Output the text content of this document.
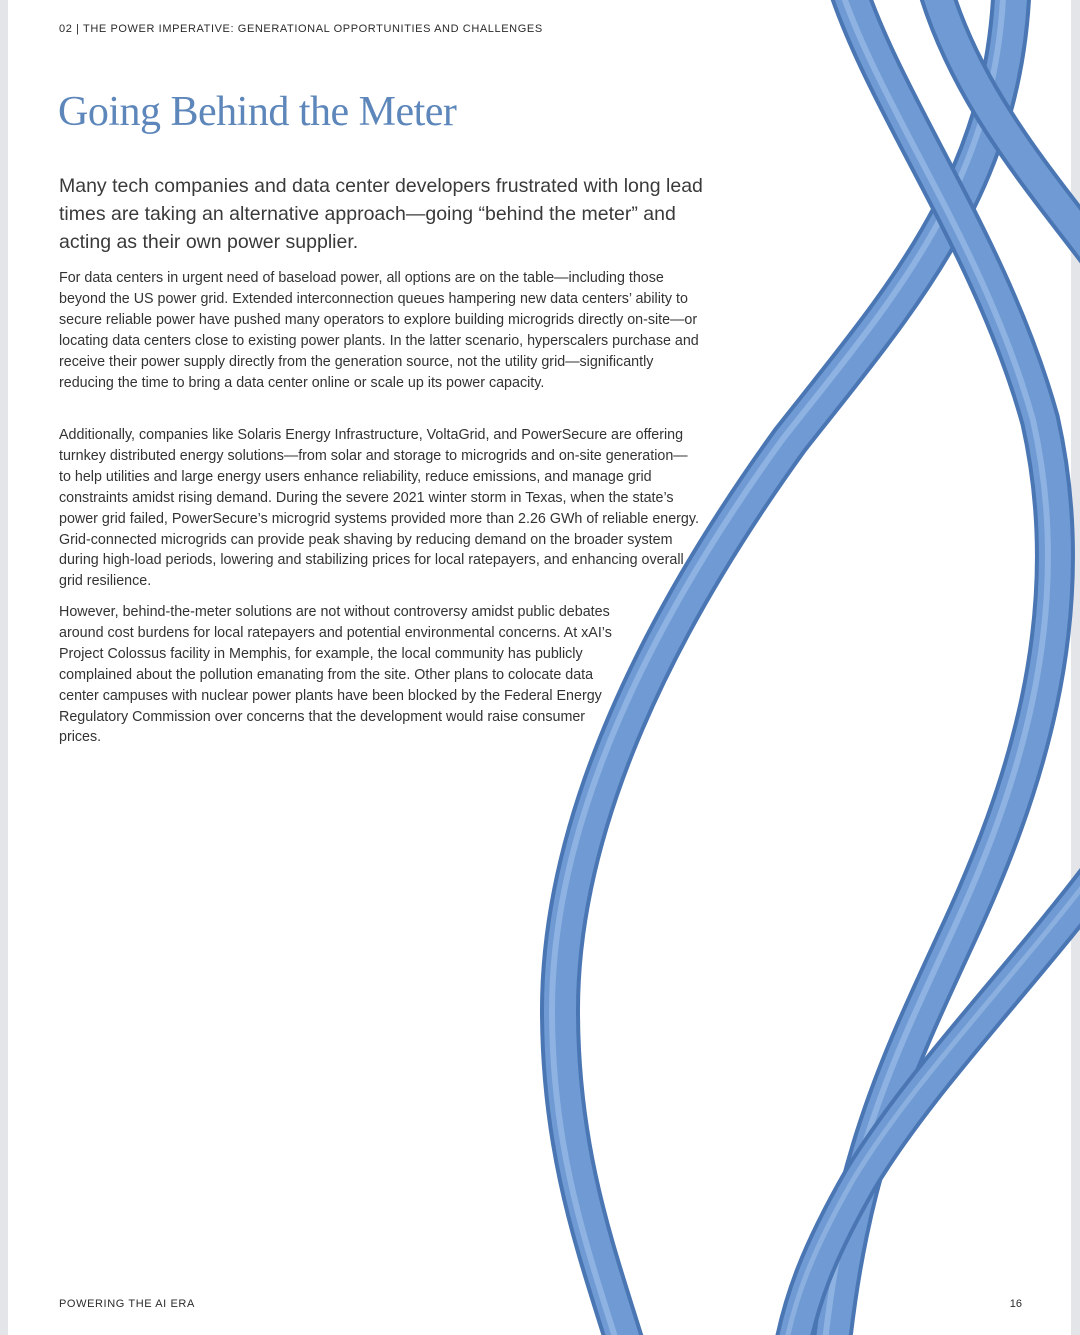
02 | THE POWER IMPERATIVE: GENERATIONAL OPPORTUNITIES AND CHALLENGES
Going Behind the Meter

Many tech companies and data center developers frustrated with long lead times are taking an alternative approach—going “behind the meter” and acting as their own power supplier.

For data centers in urgent need of baseload power, all options are on the table—including those beyond the US power grid. Extended interconnection queues hampering new data centers’ ability to secure reliable power have pushed many operators to explore building microgrids directly on-site—or locating data centers close to existing power plants. In the latter scenario, hyperscalers purchase and receive their power supply directly from the generation source, not the utility grid—significantly reducing the time to bring a data center online or scale up its power capacity.

Additionally, companies like Solaris Energy Infrastructure, VoltaGrid, and PowerSecure are offering turnkey distributed energy solutions—from solar and storage to microgrids and on-site generation—to help utilities and large energy users enhance reliability, reduce emissions, and manage grid constraints amidst rising demand. During the severe 2021 winter storm in Texas, when the state’s power grid failed, PowerSecure’s microgrid systems provided more than 2.26 GWh of reliable energy. Grid-connected microgrids can provide peak shaving by reducing demand on the broader system during high-load periods, lowering and stabilizing prices for local ratepayers, and enhancing overall grid resilience.

However, behind-the-meter solutions are not without controversy amidst public debates around cost burdens for local ratepayers and potential environmental concerns. At xAI’s Project Colossus facility in Memphis, for example, the local community has publicly complained about the pollution emanating from the site. Other plans to colocate data center campuses with nuclear power plants have been blocked by the Federal Energy Regulatory Commission over concerns that the development would raise consumer prices.

POWERING THE AI ERA	16
